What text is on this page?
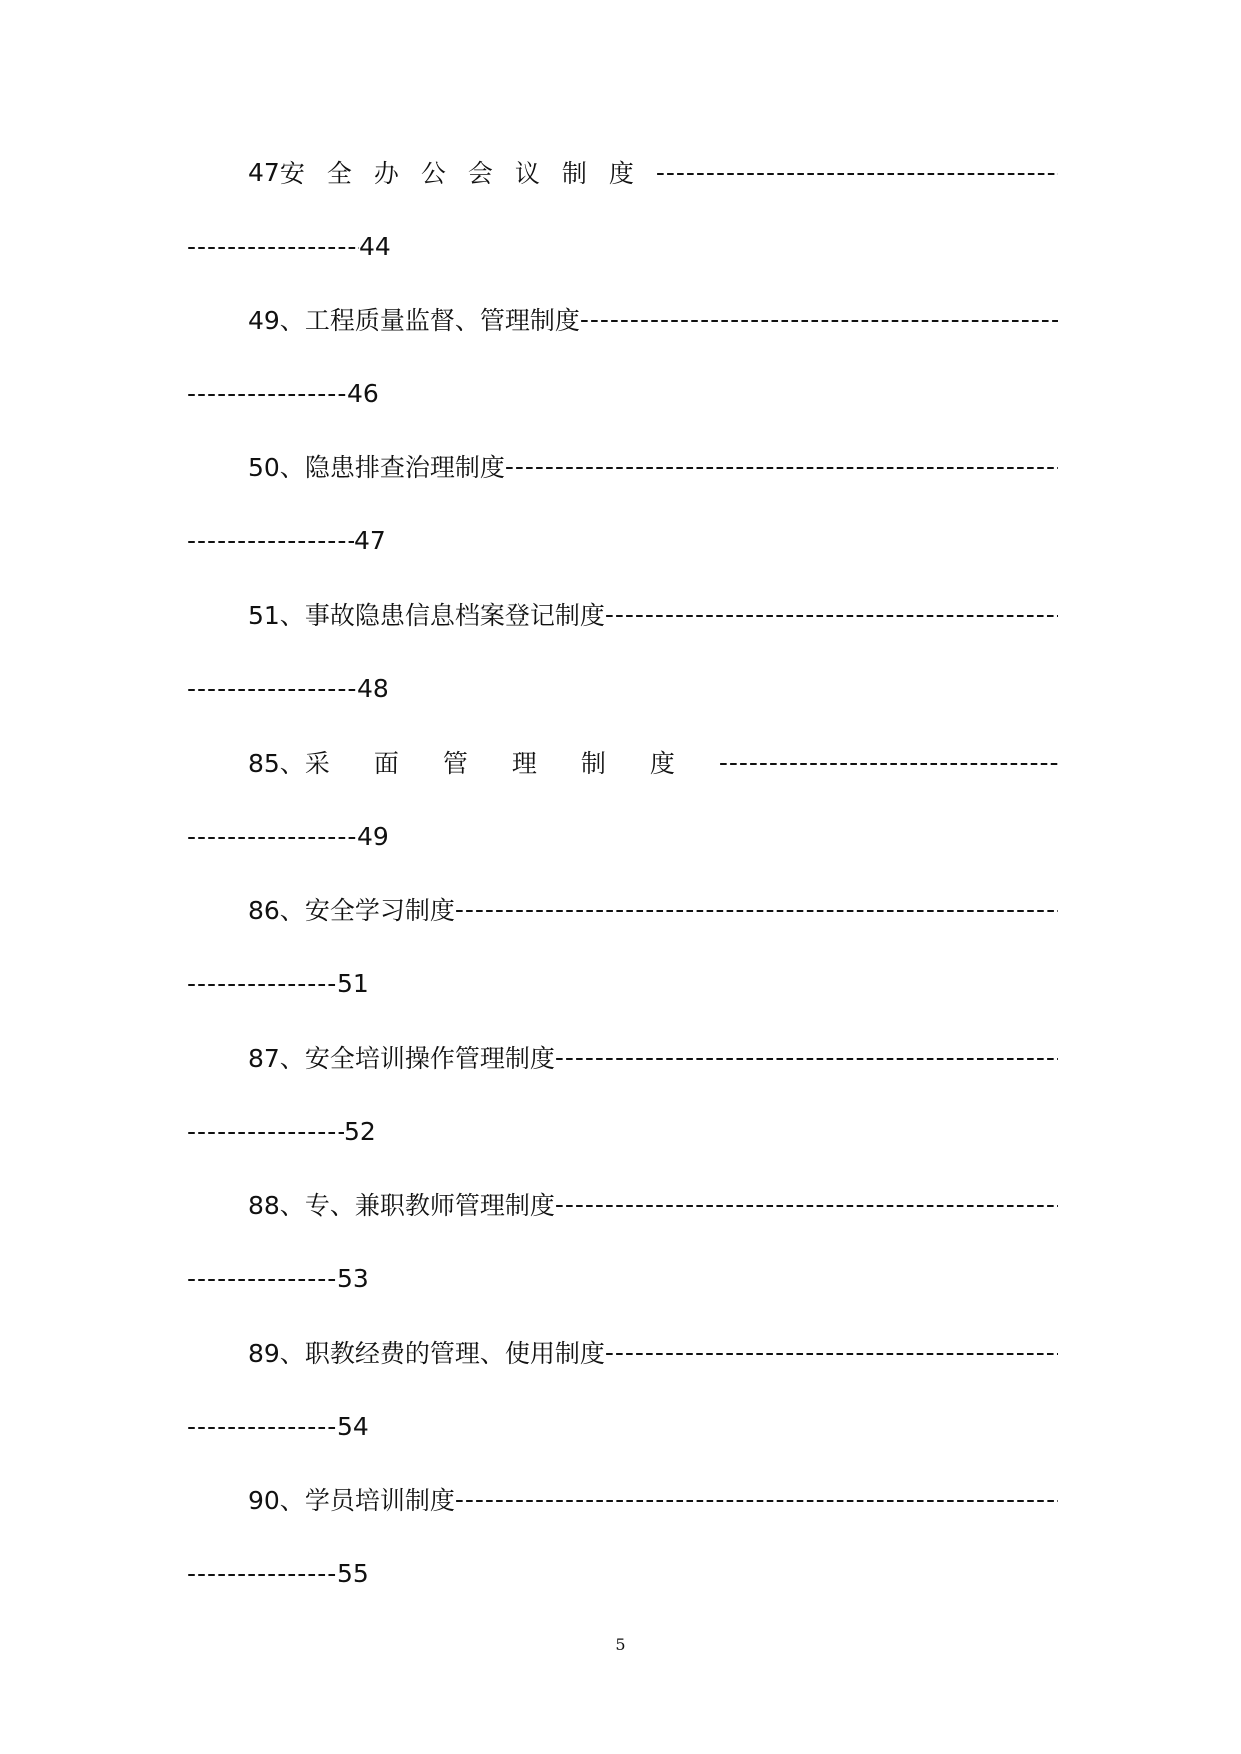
47 安全办公会议制度
-----
-----
44
49、 工程质量监督、管理制度
-----
-----
46
50、 隐患排查治理制度
-----
-----
47
51、 事故隐患信息档案登记制度
-----
-----
48
85、 采面管理制度
-----
-----
49
86、 安全学习制度
-----
-----
51
87、 安全培训操作管理制度
-----
-----
52
88、 专、兼职教师管理制度
-----
-----
53
89、 职教经费的管理、使用制度
-----
-----
54
90、 学员培训制度
-----
-----
55
5
